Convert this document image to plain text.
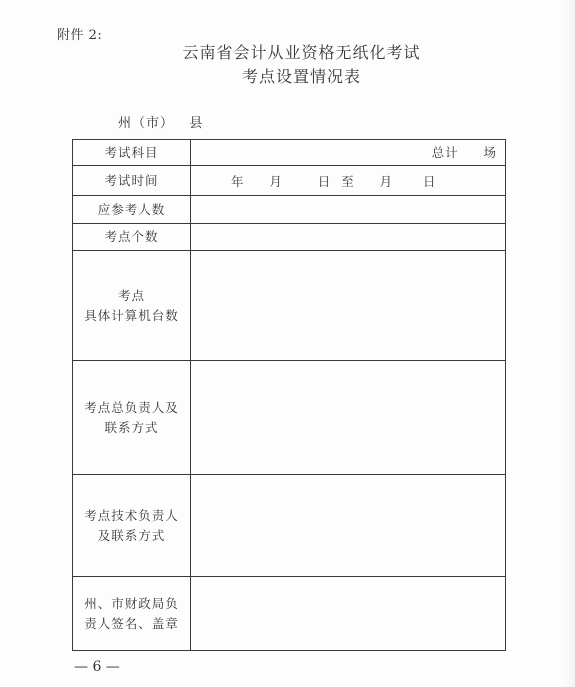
附件 2:
云南省会计从业资格无纸化考试
考点设置情况表
州（市） 县
考试科目	总计 场

考试时间	年 月 日 至 月 日

应参考人数	
考点个数	

考点
具体计算机台数	

考点总负责人及
联系方式	

考点技术负责人
及联系方式	

州、市财政局负
责人签名、盖章	

— 6 —
